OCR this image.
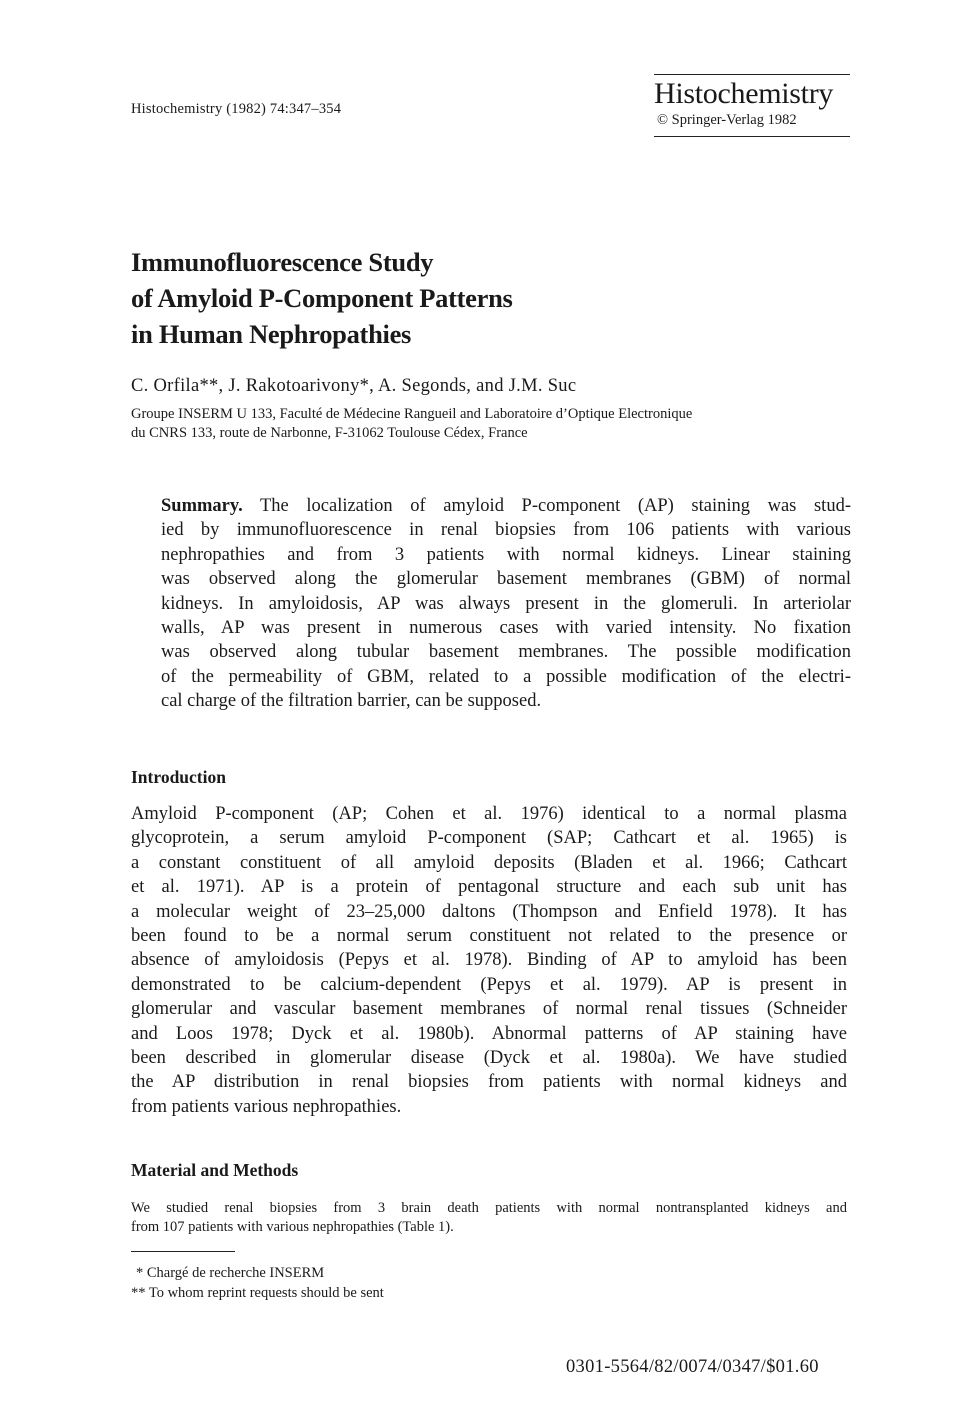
Histochemistry (1982) 74:347–354	Histochemistry
© Springer-Verlag 1982
Immunofluorescence Study
of Amyloid P-Component Patterns
in Human Nephropathies
C. Orfila**, J. Rakotoarivony*, A. Segonds, and J.M. Suc
Groupe INSERM U 133, Faculté de Médecine Rangueil and Laboratoire d’Optique Electronique
du CNRS 133, route de Narbonne, F-31062 Toulouse Cédex, France
Summary. The localization of amyloid P-component (AP) staining was stud-
ied by immunofluorescence in renal biopsies from 106 patients with various
nephropathies and from 3 patients with normal kidneys. Linear staining
was observed along the glomerular basement membranes (GBM) of normal
kidneys. In amyloidosis, AP was always present in the glomeruli. In arteriolar
walls, AP was present in numerous cases with varied intensity. No fixation
was observed along tubular basement membranes. The possible modification
of the permeability of GBM, related to a possible modification of the electri-
cal charge of the filtration barrier, can be supposed.
Introduction
Amyloid P-component (AP; Cohen et al. 1976) identical to a normal plasma
glycoprotein, a serum amyloid P-component (SAP; Cathcart et al. 1965) is
a constant constituent of all amyloid deposits (Bladen et al. 1966; Cathcart
et al. 1971). AP is a protein of pentagonal structure and each sub unit has
a molecular weight of 23–25,000 daltons (Thompson and Enfield 1978). It has
been found to be a normal serum constituent not related to the presence or
absence of amyloidosis (Pepys et al. 1978). Binding of AP to amyloid has been
demonstrated to be calcium-dependent (Pepys et al. 1979). AP is present in
glomerular and vascular basement membranes of normal renal tissues (Schneider
and Loos 1978; Dyck et al. 1980b). Abnormal patterns of AP staining have
been described in glomerular disease (Dyck et al. 1980a). We have studied
the AP distribution in renal biopsies from patients with normal kidneys and
from patients various nephropathies.
Material and Methods
We studied renal biopsies from 3 brain death patients with normal nontransplanted kidneys and
from 107 patients with various nephropathies (Table 1).
* Chargé de recherche INSERM
** To whom reprint requests should be sent
0301-5564/82/0074/0347/$01.60
